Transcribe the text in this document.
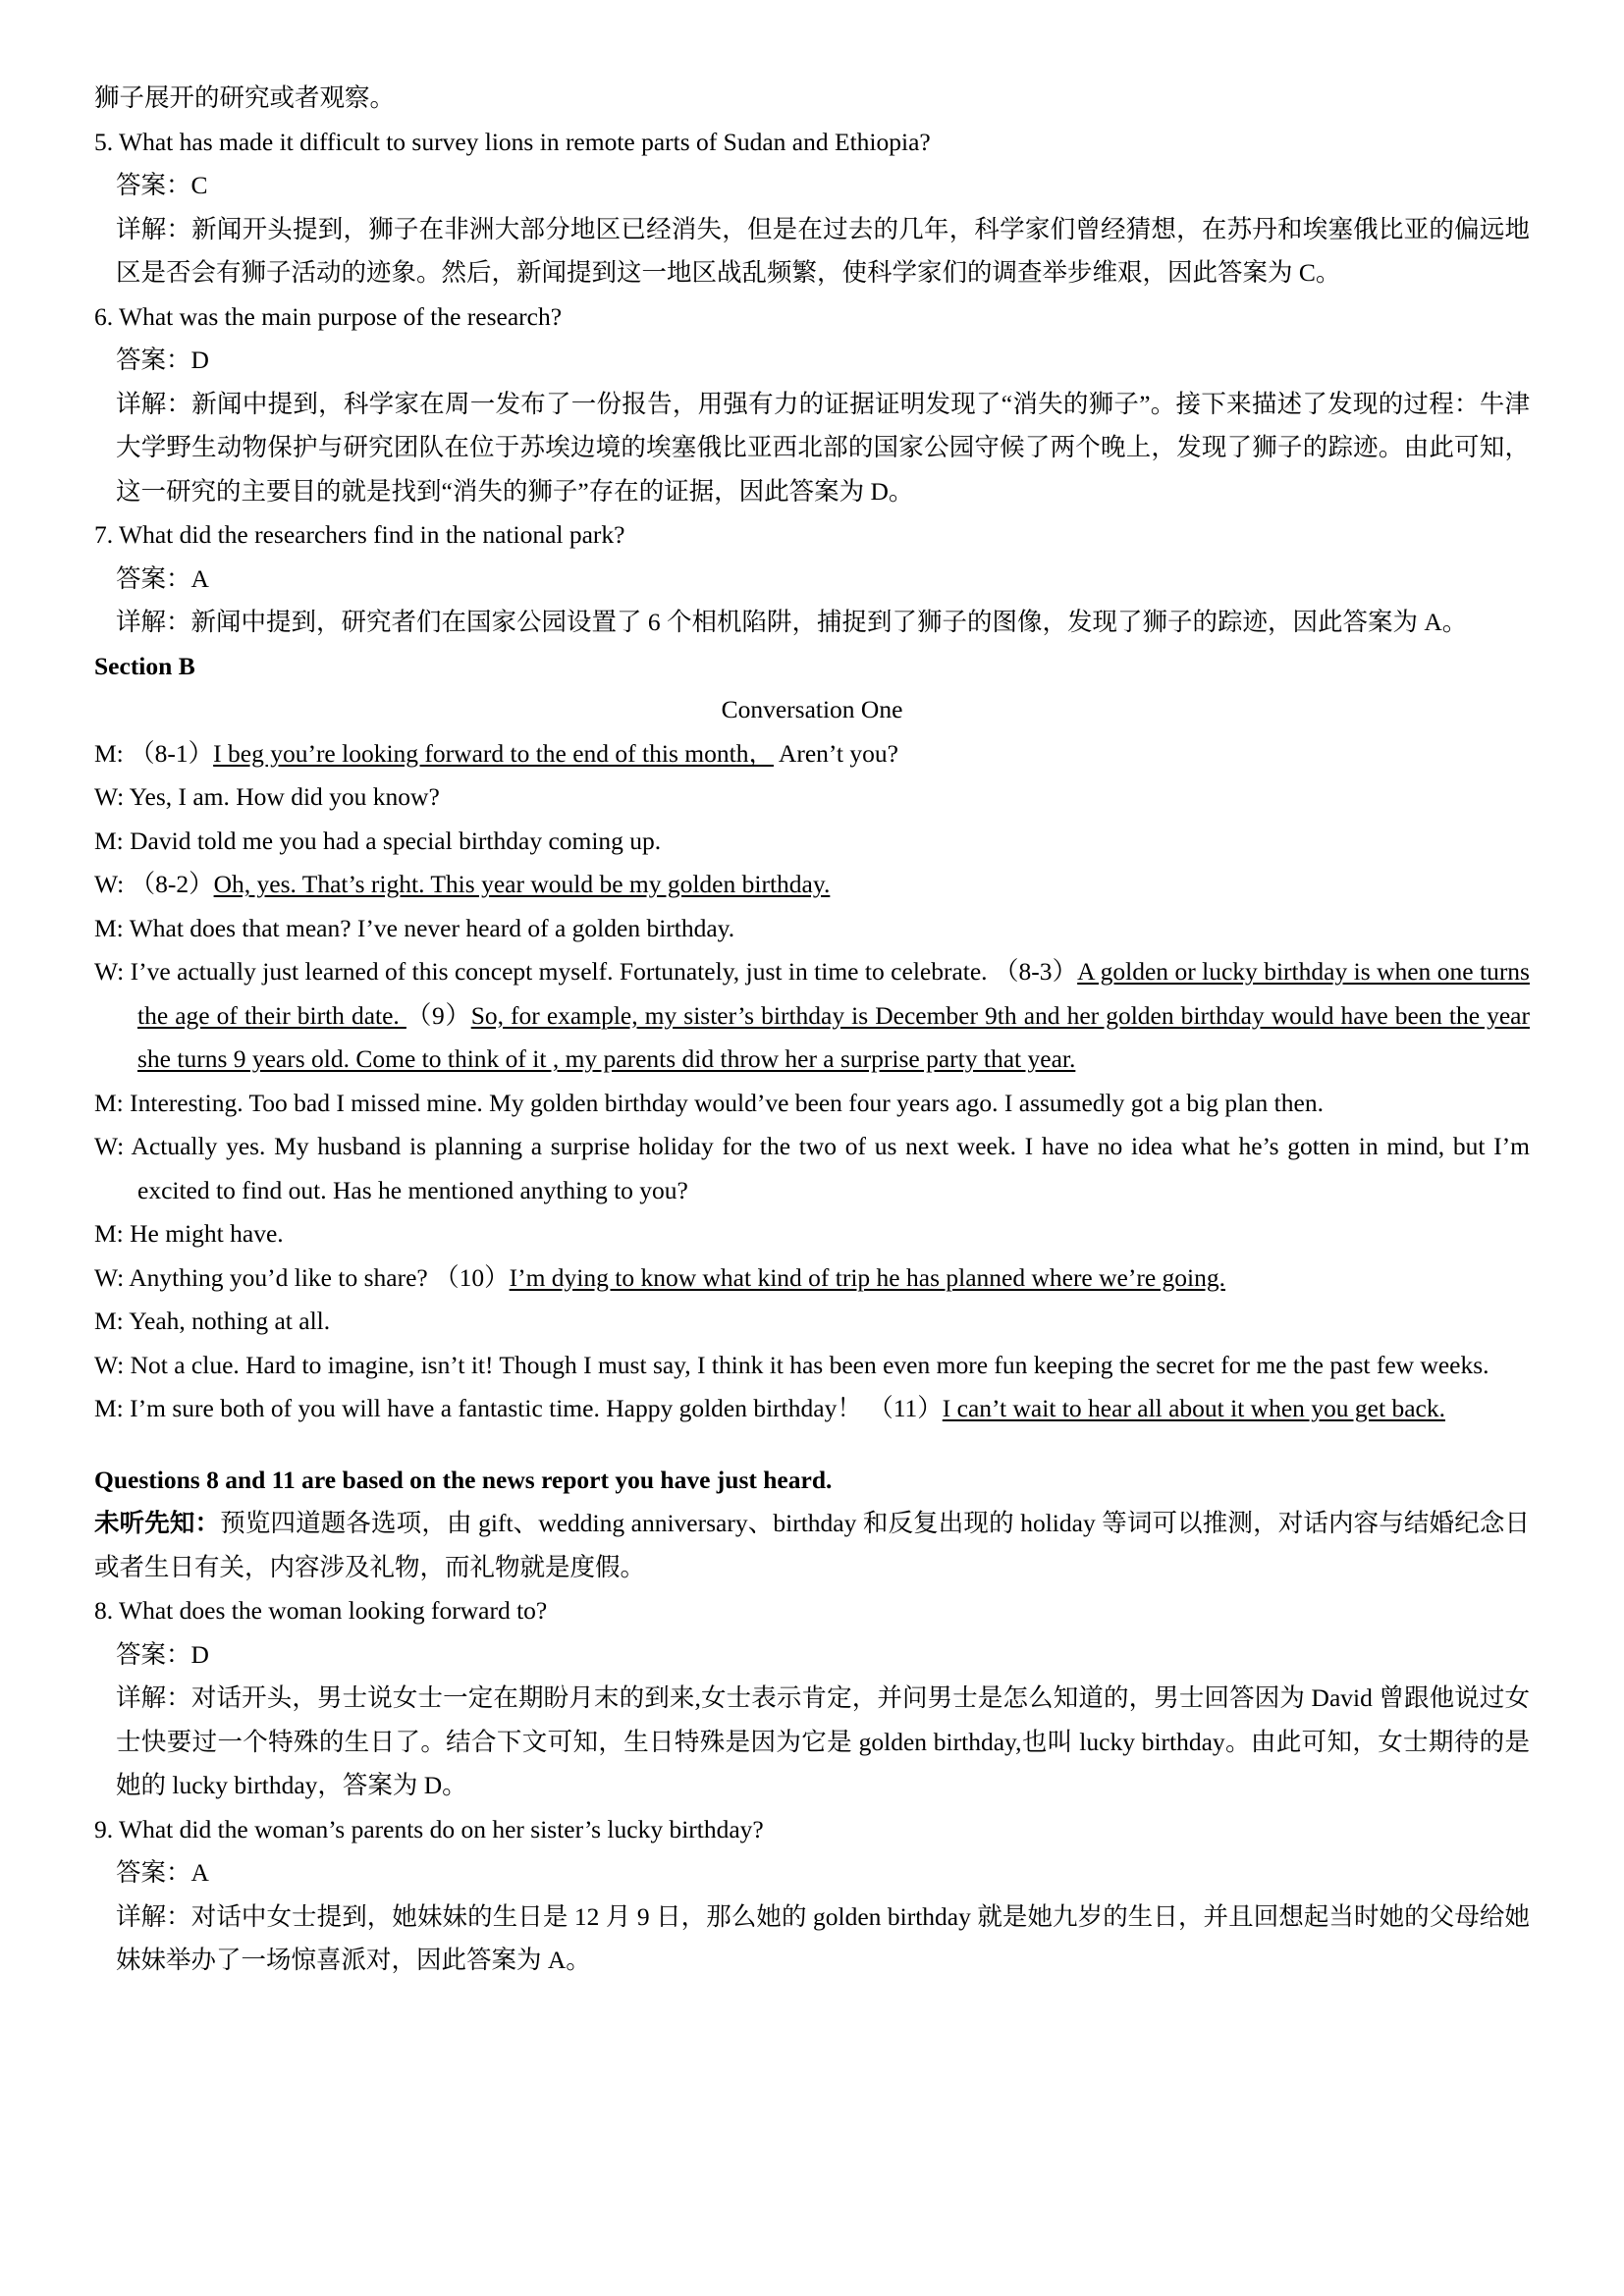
狮子展开的研究或者观察。
5. What has made it difficult to survey lions in remote parts of Sudan and Ethiopia?
答案：C
详解：新闻开头提到，狮子在非洲大部分地区已经消失，但是在过去的几年，科学家们曾经猜想，在苏丹和埃塞俄比亚的偏远地区是否会有狮子活动的迹象。然后，新闻提到这一地区战乱频繁，使科学家们的调查举步维艰，因此答案为 C。
6. What was the main purpose of the research?
答案：D
详解：新闻中提到，科学家在周一发布了一份报告，用强有力的证据证明发现了“消失的狮子”。接下来描述了发现的过程：牛津大学野生动物保护与研究团队在位于苏埃边境的埃塞俄比亚西北部的国家公园守候了两个晚上，发现了狮子的踪迹。由此可知，这一研究的主要目的就是找到“消失的狮子”存在的证据，因此答案为 D。
7. What did the researchers find in the national park?
答案：A
详解：新闻中提到，研究者们在国家公园设置了 6 个相机陷阱，捕捉到了狮子的图像，发现了狮子的踪迹，因此答案为 A。
Section B
Conversation One
M: （8-1）I beg you’re looking forward to the end of this month， Aren’t you?
W: Yes, I am. How did you know?
M: David told me you had a special birthday coming up.
W: （8-2）Oh, yes. That’s right. This year would be my golden birthday.
M: What does that mean? I’ve never heard of a golden birthday.
W: I’ve actually just learned of this concept myself. Fortunately, just in time to celebrate. （8-3）A golden or lucky birthday is when one turns the age of their birth date. （9）So, for example, my sister’s birthday is December 9th and her golden birthday would have been the year she turns 9 years old. Come to think of it , my parents did throw her a surprise party that year.
M: Interesting. Too bad I missed mine. My golden birthday would’ve been four years ago. I assumedly got a big plan then.
W: Actually yes. My husband is planning a surprise holiday for the two of us next week. I have no idea what he’s gotten in mind, but I’m excited to find out. Has he mentioned anything to you?
M: He might have.
W: Anything you’d like to share? （10）I’m dying to know what kind of trip he has planned where we’re going.
M: Yeah, nothing at all.
W: Not a clue. Hard to imagine, isn’t it! Though I must say, I think it has been even more fun keeping the secret for me the past few weeks.
M: I’m sure both of you will have a fantastic time. Happy golden birthday！ （11）I can’t wait to hear all about it when you get back.
Questions 8 and 11 are based on the news report you have just heard.
未听先知：预览四道题各选项，由 gift、wedding anniversary、birthday 和反复出现的 holiday 等词可以推测，对话内容与结婚纪念日或者生日有关，内容涉及礼物，而礼物就是度假。
8. What does the woman looking forward to?
答案：D
详解：对话开头，男士说女士一定在期盼月末的到来,女士表示肯定，并问男士是怎么知道的，男士回答因为 David 曾跟他说过女士快要过一个特殊的生日了。结合下文可知，生日特殊是因为它是 golden birthday,也叫 lucky birthday。由此可知，女士期待的是她的 lucky birthday，答案为 D。
9. What did the woman’s parents do on her sister’s lucky birthday?
答案：A
详解：对话中女士提到，她妹妹的生日是 12 月 9 日，那么她的 golden birthday 就是她九岁的生日，并且回想起当时她的父母给她妹妹举办了一场惊喜派对，因此答案为 A。
